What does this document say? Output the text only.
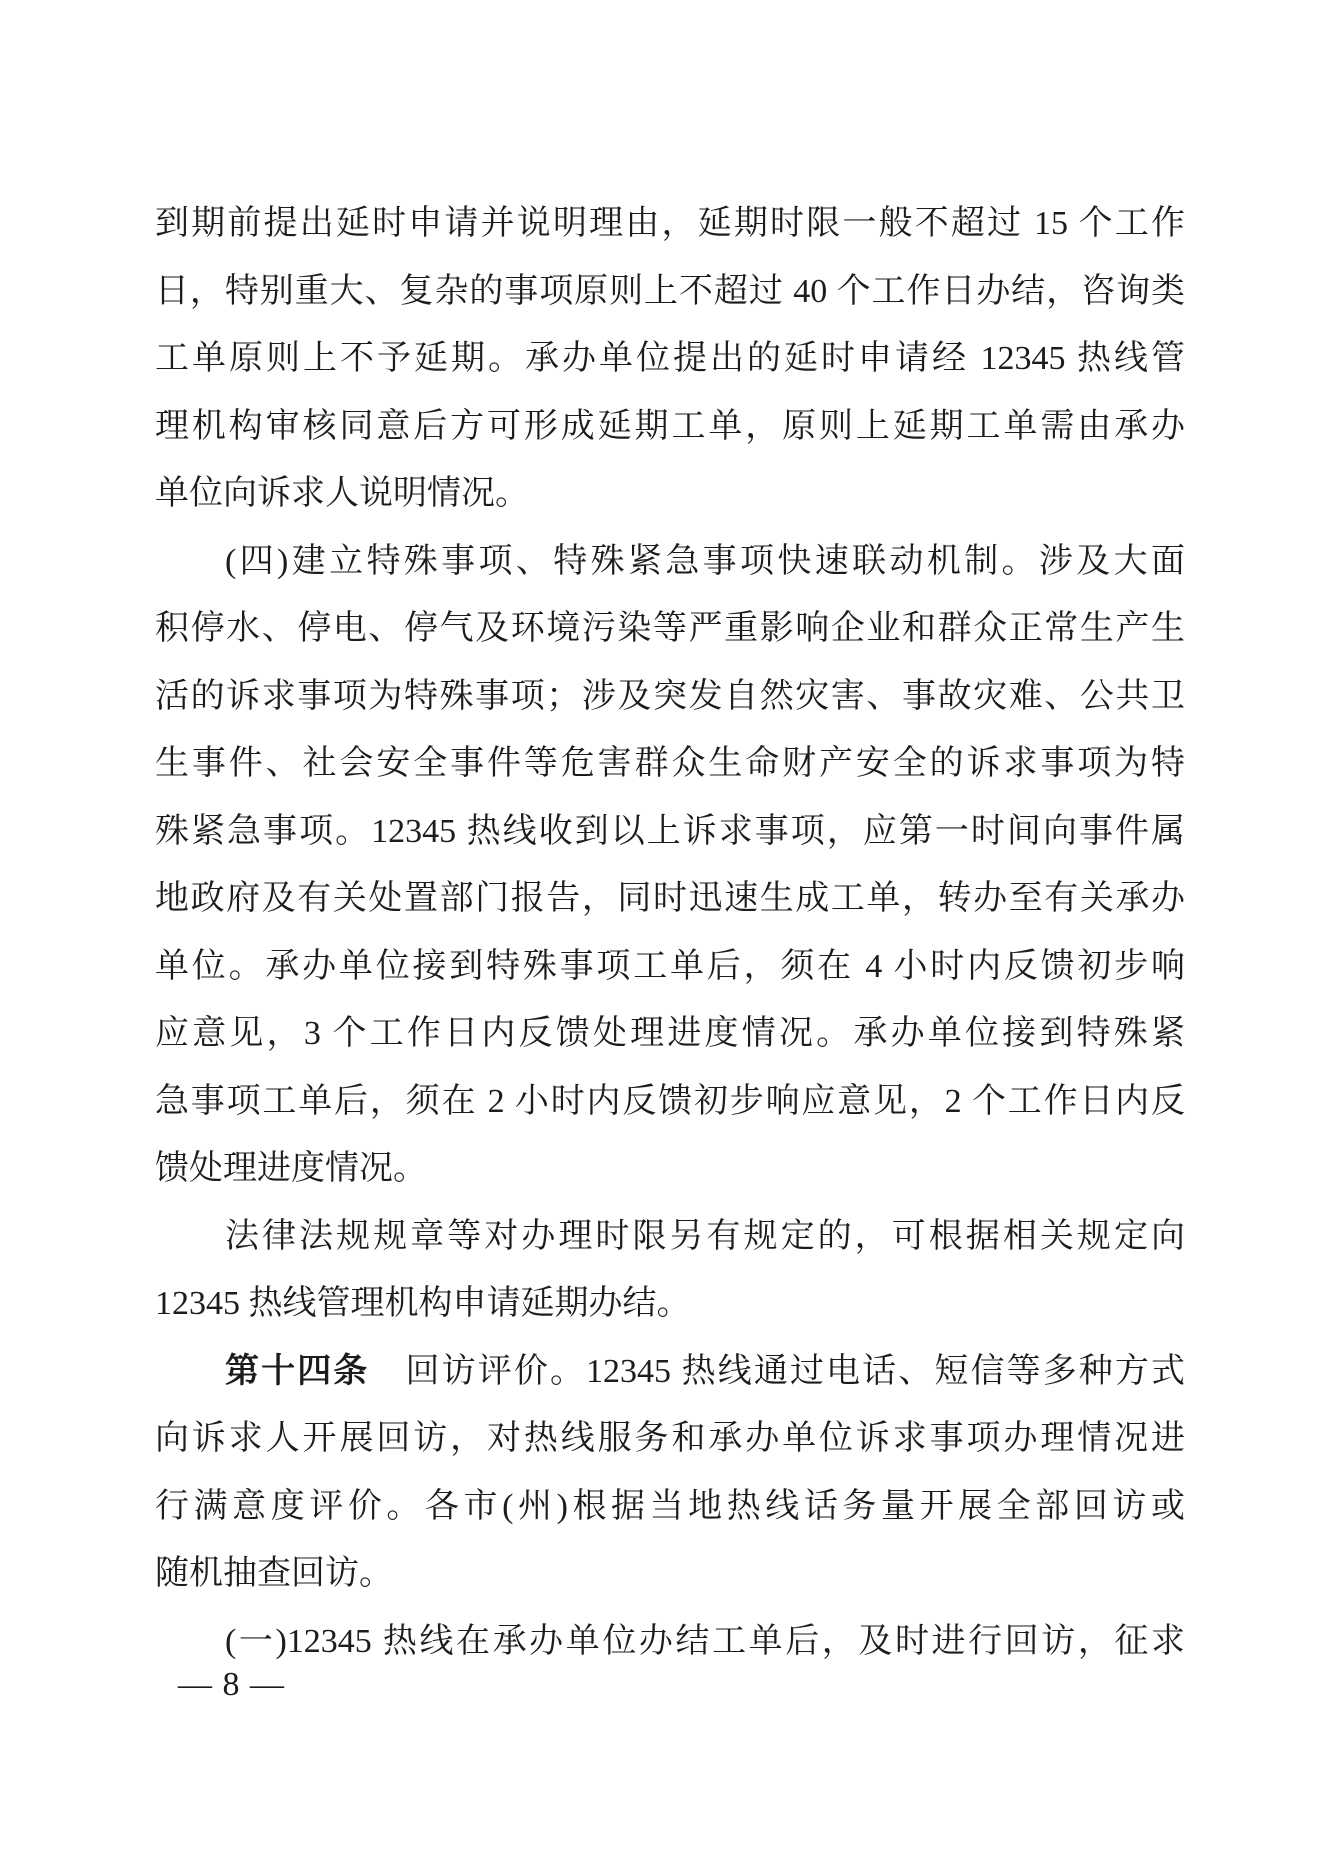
到期前提出延时申请并说明理由，延期时限一般不超过 15 个工作
日，特别重大、复杂的事项原则上不超过 40 个工作日办结，咨询类
工单原则上不予延期。承办单位提出的延时申请经 12345 热线管
理机构审核同意后方可形成延期工单，原则上延期工单需由承办
单位向诉求人说明情况。
(四)建立特殊事项、特殊紧急事项快速联动机制。涉及大面
积停水、停电、停气及环境污染等严重影响企业和群众正常生产生
活的诉求事项为特殊事项；涉及突发自然灾害、事故灾难、公共卫
生事件、社会安全事件等危害群众生命财产安全的诉求事项为特
殊紧急事项。12345 热线收到以上诉求事项，应第一时间向事件属
地政府及有关处置部门报告，同时迅速生成工单，转办至有关承办
单位。承办单位接到特殊事项工单后，须在 4 小时内反馈初步响
应意见，3 个工作日内反馈处理进度情况。承办单位接到特殊紧
急事项工单后，须在 2 小时内反馈初步响应意见，2 个工作日内反
馈处理进度情况。
法律法规规章等对办理时限另有规定的，可根据相关规定向
12345 热线管理机构申请延期办结。
第十四条　回访评价。12345 热线通过电话、短信等多种方式
向诉求人开展回访，对热线服务和承办单位诉求事项办理情况进
行满意度评价。各市(州)根据当地热线话务量开展全部回访或
随机抽查回访。
(一)12345 热线在承办单位办结工单后，及时进行回访，征求
— 8 —
